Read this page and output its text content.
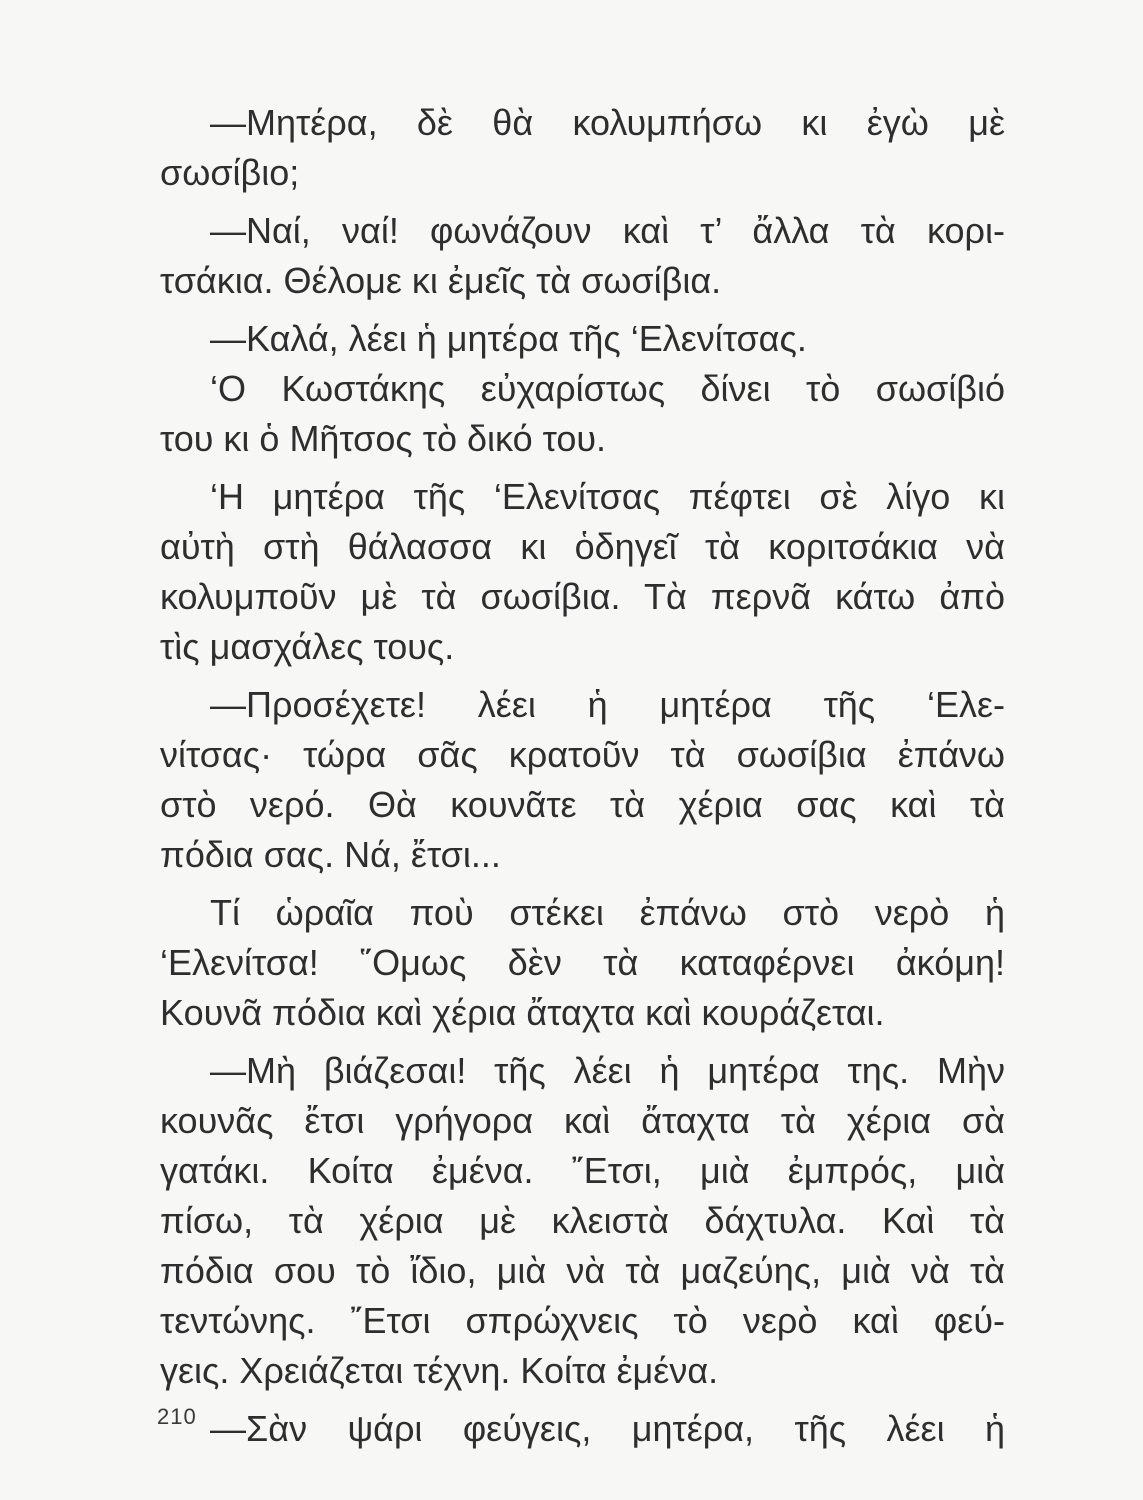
—Μητέρα, δὲ θὰ κολυμπήσω κι ἐγὼ μὲ
σωσίβιο;
—Ναί, ναί! φωνάζουν καὶ τ’ ἄλλα τὰ κορι-
τσάκια. Θέλομε κι ἐμεῖς τὰ σωσίβια.
—Καλά, λέει ἡ μητέρα τῆς ‘Ελενίτσας.
‘Ο Κωστάκης εὐχαρίστως δίνει τὸ σωσίβιό
του κι ὁ Μῆτσος τὸ δικό του.
‘Η μητέρα τῆς ‘Ελενίτσας πέφτει σὲ λίγο κι
αὐτὴ στὴ θάλασσα κι ὁδηγεῖ τὰ κοριτσάκια νὰ
κολυμποῦν μὲ τὰ σωσίβια. Τὰ περνᾶ κάτω ἀπὸ
τὶς μασχάλες τους.
—Προσέχετε! λέει ἡ μητέρα τῆς ‘Ελε-
νίτσας· τώρα σᾶς κρατοῦν τὰ σωσίβια ἐπάνω
στὸ νερό. Θὰ κουνᾶτε τὰ χέρια σας καὶ τὰ
πόδια σας. Νά, ἔτσι...
Τί ὡραῖα ποὺ στέκει ἐπάνω στὸ νερὸ ἡ
‘Ελενίτσα! ῞Ομως δὲν τὰ καταφέρνει ἀκόμη!
Κουνᾶ πόδια καὶ χέρια ἄταχτα καὶ κουράζεται.
—Μὴ βιάζεσαι! τῆς λέει ἡ μητέρα της. Μὴν
κουνᾶς ἔτσι γρήγορα καὶ ἄταχτα τὰ χέρια σὰ
γατάκι. Κοίτα ἐμένα. ῎Ετσι, μιὰ ἐμπρός, μιὰ
πίσω, τὰ χέρια μὲ κλειστὰ δάχτυλα. Καὶ τὰ
πόδια σου τὸ ἴδιο, μιὰ νὰ τὰ μαζεύης, μιὰ νὰ τὰ
τεντώνης. ῎Ετσι σπρώχνεις τὸ νερὸ καὶ φεύ-
γεις. Χρειάζεται τέχνη. Κοίτα ἐμένα.
—Σὰν ψάρι φεύγεις, μητέρα, τῆς λέει ἡ
210
